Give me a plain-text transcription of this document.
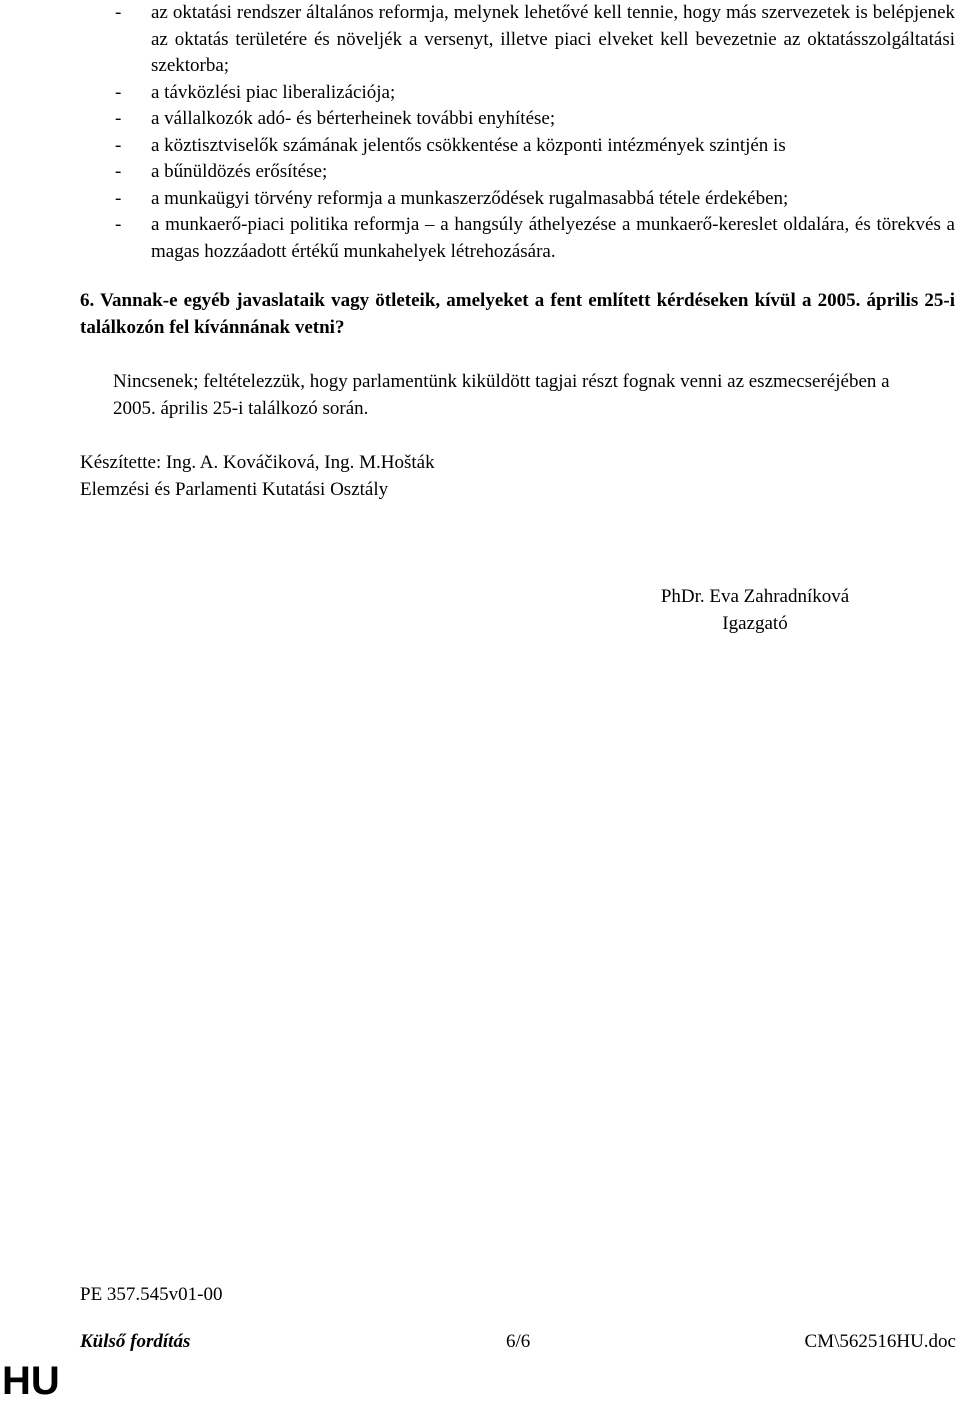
- az oktatási rendszer általános reformja, melynek lehetővé kell tennie, hogy más szervezetek is belépjenek az oktatás területére és növeljék a versenyt, illetve piaci elveket kell bevezetnie az oktatásszolgáltatási szektorba;
- a távközlési piac liberalizációja;
- a vállalkozók adó- és bérterheinek további enyhítése;
- a köztisztviselők számának jelentős csökkentése a központi intézmények szintjén is
- a bűnüldözés erősítése;
- a munkaügyi törvény reformja a munkaszerződések rugalmasabbá tétele érdekében;
- a munkaerő-piaci politika reformja – a hangsúly áthelyezése a munkaerő-kereslet oldalára, és törekvés a magas hozzáadott értékű munkahelyek létrehozására.
6. Vannak-e egyéb javaslataik vagy ötleteik, amelyeket a fent említett kérdéseken kívül a 2005. április 25-i találkozón fel kívánnának vetni?
Nincsenek; feltételezzük, hogy parlamentünk kiküldött tagjai részt fognak venni az eszmecseréjében a 2005. április 25-i találkozó során.
Készítette: Ing. A. Kováčiková, Ing. M.Hošták
Elemzési és Parlamenti Kutatási Osztály
PhDr. Eva Zahradníková
Igazgató
PE 357.545v01-00
Külső fordítás	6/6	CM\562516HU.doc
HU
